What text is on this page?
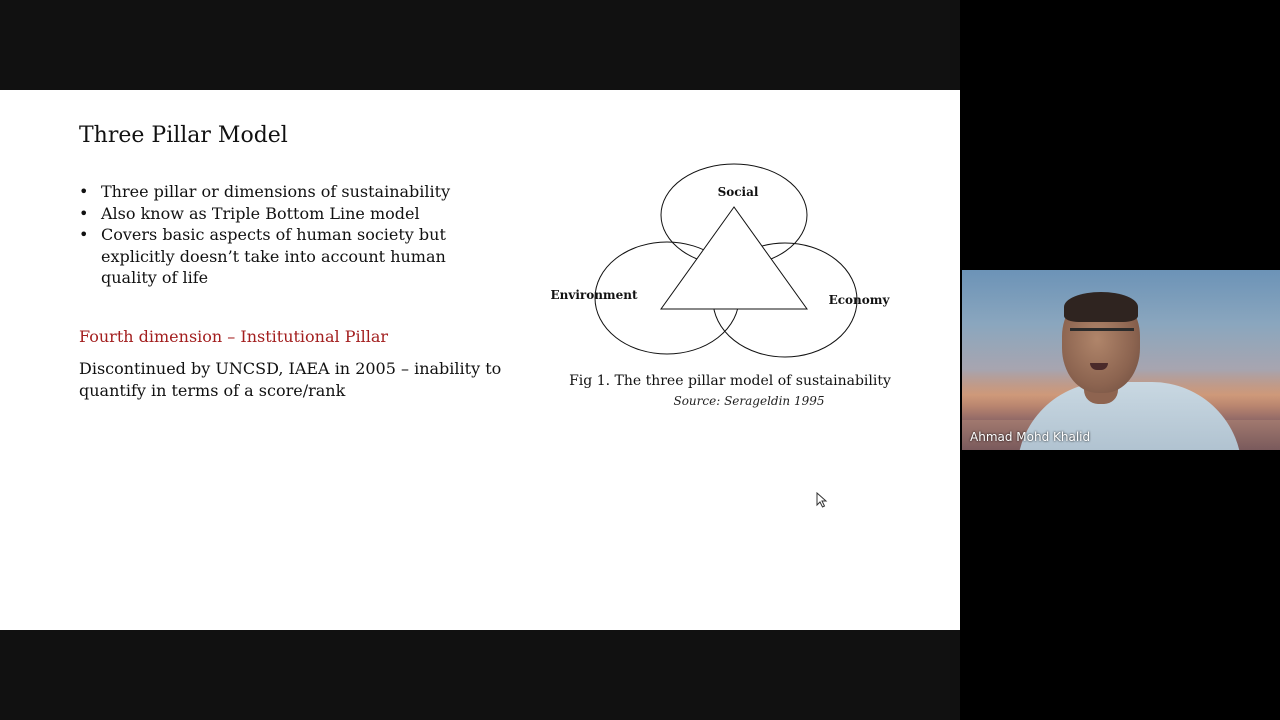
Three Pillar Model
• Three pillar or dimensions of sustainability
• Also know as Triple Bottom Line model
• Covers basic aspects of human society but explicitly doesn’t take into account human quality of life

Fourth dimension – Institutional Pillar

Discontinued by UNCSD, IAEA in 2005 – inability to quantify in terms of a score/rank

Social
Environment	Economy

Fig 1. The three pillar model of sustainability

Source: Serageldin 1995

Ahmad Mohd Khalid
